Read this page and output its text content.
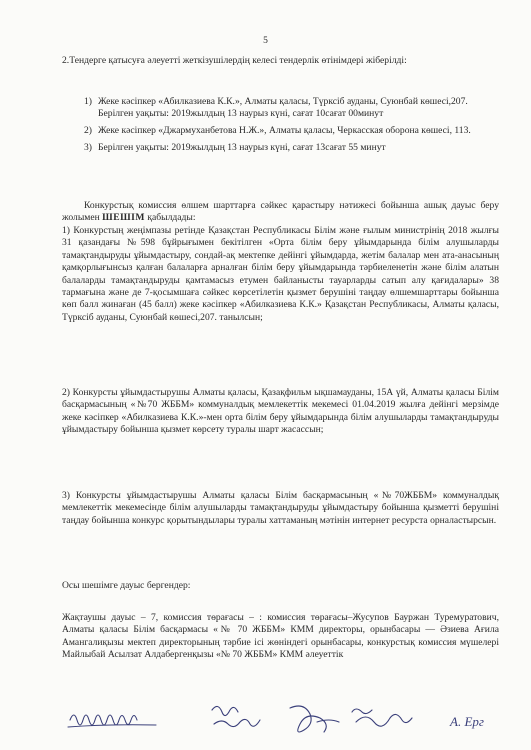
5
2.Тендерге қатысуға әлеуетті жеткізушілердің келесі тендерлік өтінімдері жіберілді:
1) Жеке кәсіпкер «Абилказиева К.К.», Алматы қаласы, Түрксіб ауданы, Суюнбай көшесі,207.
Берілген уақыты: 2019жылдың 13 наурыз күні, сағат 10сағат 00минут
2) Жеке кәсіпкер «Джармуханбетова Н.Ж.», Алматы қаласы, Черкасская оборона көшесі, 113.
3) Берілген уақыты: 2019жылдың 13 наурыз күні, сағат 13сағат 55 минут
Конкурстық комиссия өлшем шарттарға сәйкес қарастыру нәтижесі бойынша ашық дауыс беру жолымен ШЕШІМ қабылдады:
1) Конкурстың жеңімпазы ретінде Қазақстан Республикасы Білім және ғылым министрінің 2018 жылғы 31 қазандағы №598 бұйрығымен бекітілген «Орта білім беру ұйымдарында білім алушыларды тамақтандыруды ұйымдастыру, сондай-ақ мектепке дейінгі ұйымдарда, жетім балалар мен ата-анасының қамқорлығынсыз қалған балаларға арналған білім беру ұйымдарында тәрбиеленетін және білім алатын балаларды тамақтандыруды қамтамасыз етумен байланысты тауарларды сатып алу қағидалары» 38 тармағына және де 7-қосымшаға сәйкес көрсетілетін қызмет берушіні таңдау өлшемшарттары бойынша көп балл жинаған (45 балл) жеке кәсіпкер «Абилказиева К.К.» Қазақстан Республикасы, Алматы қаласы, Түрксіб ауданы, Суюнбай көшесі,207. танылсын;
2) Конкурсты ұйымдастырушы Алматы қаласы, Қазақфильм ықшамауданы, 15А үй, Алматы қаласы Білім басқармасының «№70 ЖББМ» коммуналдық мемлекеттік мекемесі 01.04.2019 жылға дейінгі мерзімде жеке кәсіпкер «Абилказиева К.К.»-мен орта білім беру ұйымдарында білім алушыларды тамақтандыруды ұйымдастыру бойынша қызмет көрсету туралы шарт жасассын;
3) Конкурсты ұйымдастырушы Алматы қаласы Білім басқармасының «№70ЖББМ» коммуналдық мемлекеттік мекемесінде білім алушыларды тамақтандыруды ұйымдастыру бойынша қызметті берушіні таңдау бойынша конкурс қорытындылары туралы хаттаманың мәтінін интернет ресурста орналастырсын.
Осы шешімге дауыс бергендер:
Жақтаушы дауыс – 7, комиссия төрағасы – : комиссия төрағасы–Жусупов Бауржан Туремуратович, Алматы қаласы Білім басқармасы «№ 70 ЖББМ» КММ директоры, орынбасары — Әзиева Ағила Амангалиқызы мектеп директорының тәрбие ісі жөніндегі орынбасары, конкурстық комиссия мүшелері Майлыбай Асылзат Алдабергенқызы «№ 70 ЖББМ» КММ әлеуеттік
А. Ерг
